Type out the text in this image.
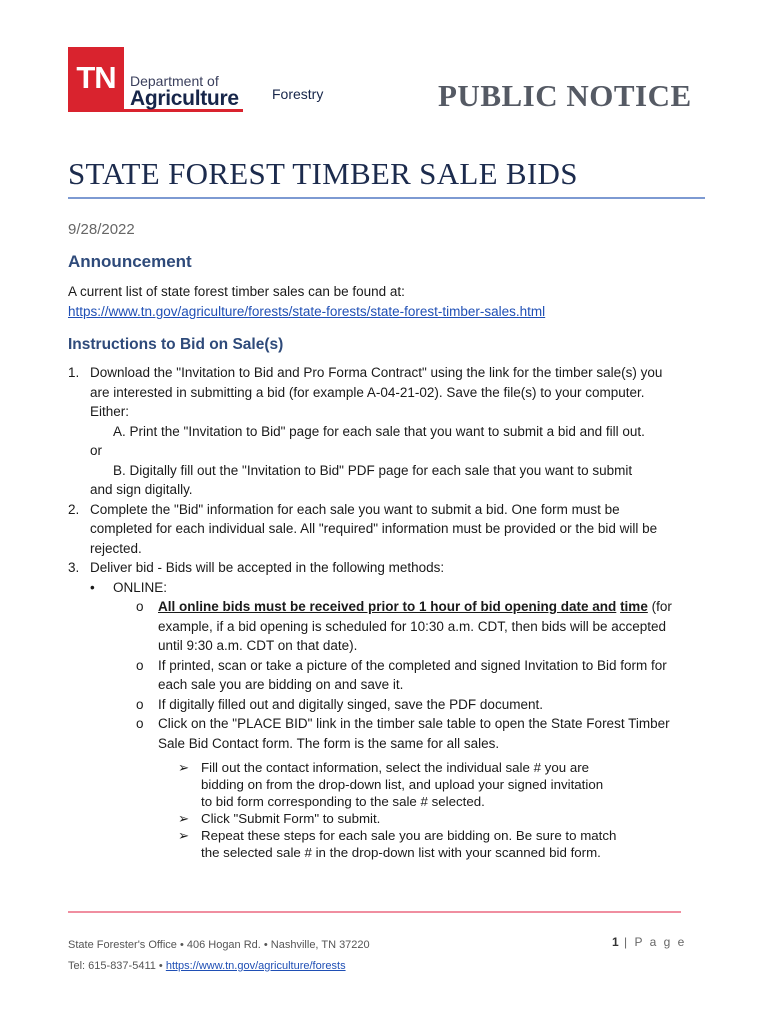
TN	Department of
Agriculture Forestry	PUBLIC NOTICE
STATE FOREST TIMBER SALE BIDS
9/28/2022
Announcement
A current list of state forest timber sales can be found at:
https://www.tn.gov/agriculture/forests/state-forests/state-forest-timber-sales.html
Instructions to Bid on Sale(s)
1. Download the "Invitation to Bid and Pro Forma Contract" using the link for the timber sale(s) you
are interested in submitting a bid (for example A-04-21-02). Save the file(s) to your computer.
Either:
A. Print the "Invitation to Bid" page for each sale that you want to submit a bid and fill out.
or
B. Digitally fill out the "Invitation to Bid" PDF page for each sale that you want to submit
and sign digitally.
2. Complete the "Bid" information for each sale you want to submit a bid. One form must be
completed for each individual sale. All "required" information must be provided or the bid will be
rejected.
3. Deliver bid - Bids will be accepted in the following methods:
• ONLINE:
o All online bids must be received prior to 1 hour of bid opening date and time (for
example, if a bid opening is scheduled for 10:30 a.m. CDT, then bids will be accepted
until 9:30 a.m. CDT on that date).
o If printed, scan or take a picture of the completed and signed Invitation to Bid form for
each sale you are bidding on and save it.
o If digitally filled out and digitally singed, save the PDF document.
o Click on the "PLACE BID" link in the timber sale table to open the State Forest Timber
Sale Bid Contact form. The form is the same for all sales.
➢ Fill out the contact information, select the individual sale # you are
bidding on from the drop-down list, and upload your signed invitation
to bid form corresponding to the sale # selected.
➢ Click "Submit Form" to submit.
➢ Repeat these steps for each sale you are bidding on. Be sure to match
the selected sale # in the drop-down list with your scanned bid form.
State Forester's Office • 406 Hogan Rd. • Nashville, TN 37220
Tel: 615-837-5411 • https://www.tn.gov/agriculture/forests
1 | P a g e
